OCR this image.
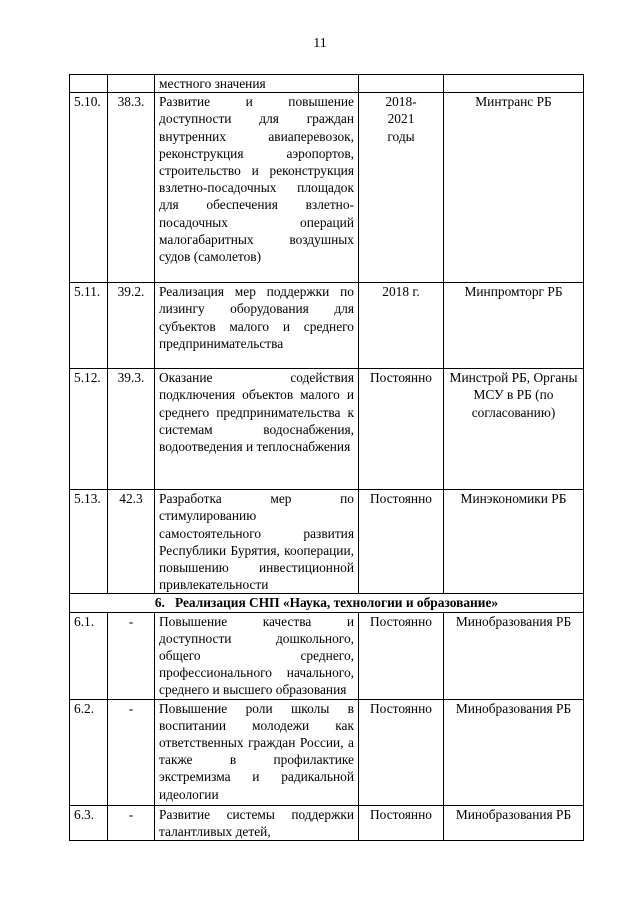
11
		местного значения		
5.10.	38.3.	Развитие и повышение доступности для граждан внутренних авиаперевозок, реконструкция аэропортов, строительство и реконструкция взлетно-посадочных площадок для обеспечения взлетно-посадочных операций малогабаритных воздушных судов (самолетов)	2018-2021 годы	Минтранс РБ
5.11.	39.2.	Реализация мер поддержки по лизингу оборудования для субъектов малого и среднего предпринимательства	2018 г.	Минпромторг РБ
5.12.	39.3.	Оказание содействия подключения объектов малого и среднего предпринимательства к системам водоснабжения, водоотведения и теплоснабжения	Постоянно	Минстрой РБ, Органы МСУ в РБ (по согласованию)
5.13.	42.3	Разработка мер по стимулированию самостоятельного развития Республики Бурятия, кооперации, повышению инвестиционной привлекательности	Постоянно	Минэкономики РБ
6.   Реализация СНП «Наука, технологии и образование»				
6.1.	-	Повышение качества и доступности дошкольного, общего среднего, профессионального начального, среднего и высшего образования	Постоянно	Минобразования РБ
6.2.	-	Повышение роли школы в воспитании молодежи как ответственных граждан России, а также в профилактике экстремизма и радикальной идеологии	Постоянно	Минобразования РБ
6.3.	-	Развитие системы поддержки талантливых детей,	Постоянно	Минобразования РБ
